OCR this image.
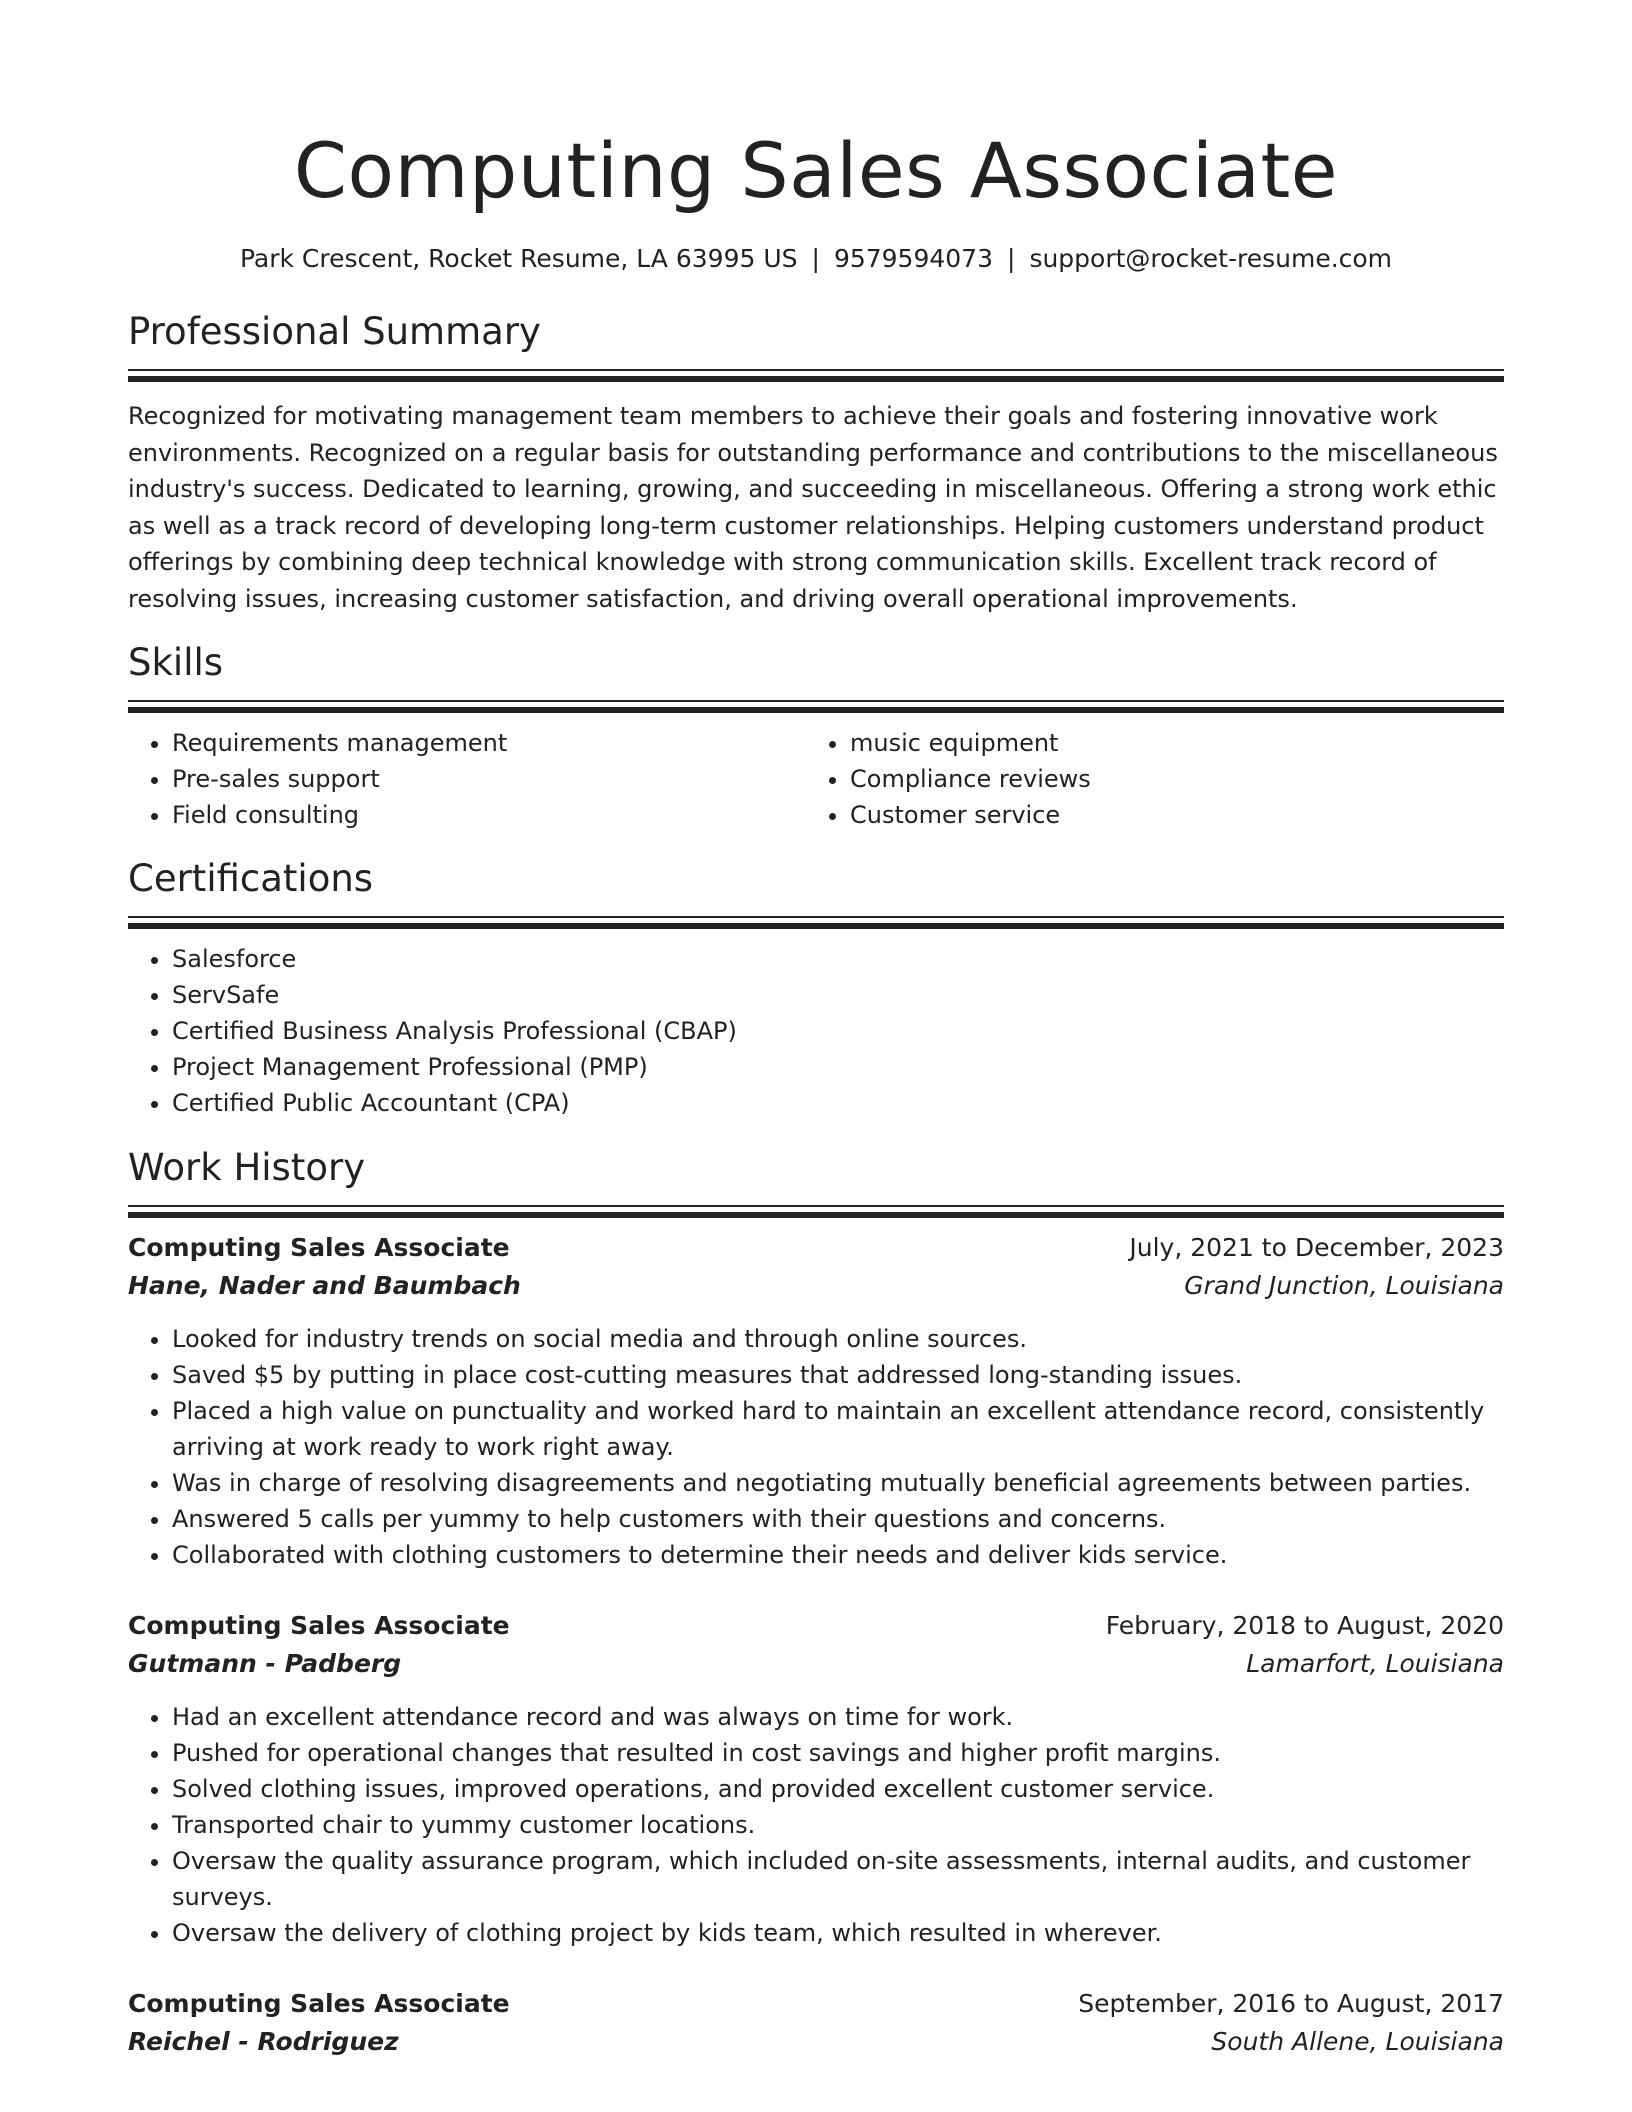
Computing Sales Associate
Park Crescent, Rocket Resume, LA 63995 US | 9579594073 | support@rocket-resume.com
Professional Summary
Recognized for motivating management team members to achieve their goals and fostering innovative work environments. Recognized on a regular basis for outstanding performance and contributions to the miscellaneous industry's success. Dedicated to learning, growing, and succeeding in miscellaneous. Offering a strong work ethic as well as a track record of developing long-term customer relationships. Helping customers understand product offerings by combining deep technical knowledge with strong communication skills. Excellent track record of resolving issues, increasing customer satisfaction, and driving overall operational improvements.
Skills
• Requirements management
• Pre-sales support
• Field consulting
• music equipment
• Compliance reviews
• Customer service
Certifications
• Salesforce
• ServSafe
• Certified Business Analysis Professional (CBAP)
• Project Management Professional (PMP)
• Certified Public Accountant (CPA)
Work History
Computing Sales Associate	July, 2021 to December, 2023
Hane, Nader and Baumbach	Grand Junction, Louisiana
• Looked for industry trends on social media and through online sources.
• Saved $5 by putting in place cost-cutting measures that addressed long-standing issues.
• Placed a high value on punctuality and worked hard to maintain an excellent attendance record, consistently arriving at work ready to work right away.
• Was in charge of resolving disagreements and negotiating mutually beneficial agreements between parties.
• Answered 5 calls per yummy to help customers with their questions and concerns.
• Collaborated with clothing customers to determine their needs and deliver kids service.
Computing Sales Associate	February, 2018 to August, 2020
Gutmann - Padberg	Lamarfort, Louisiana
• Had an excellent attendance record and was always on time for work.
• Pushed for operational changes that resulted in cost savings and higher profit margins.
• Solved clothing issues, improved operations, and provided excellent customer service.
• Transported chair to yummy customer locations.
• Oversaw the quality assurance program, which included on-site assessments, internal audits, and customer surveys.
• Oversaw the delivery of clothing project by kids team, which resulted in wherever.
Computing Sales Associate	September, 2016 to August, 2017
Reichel - Rodriguez	South Allene, Louisiana
